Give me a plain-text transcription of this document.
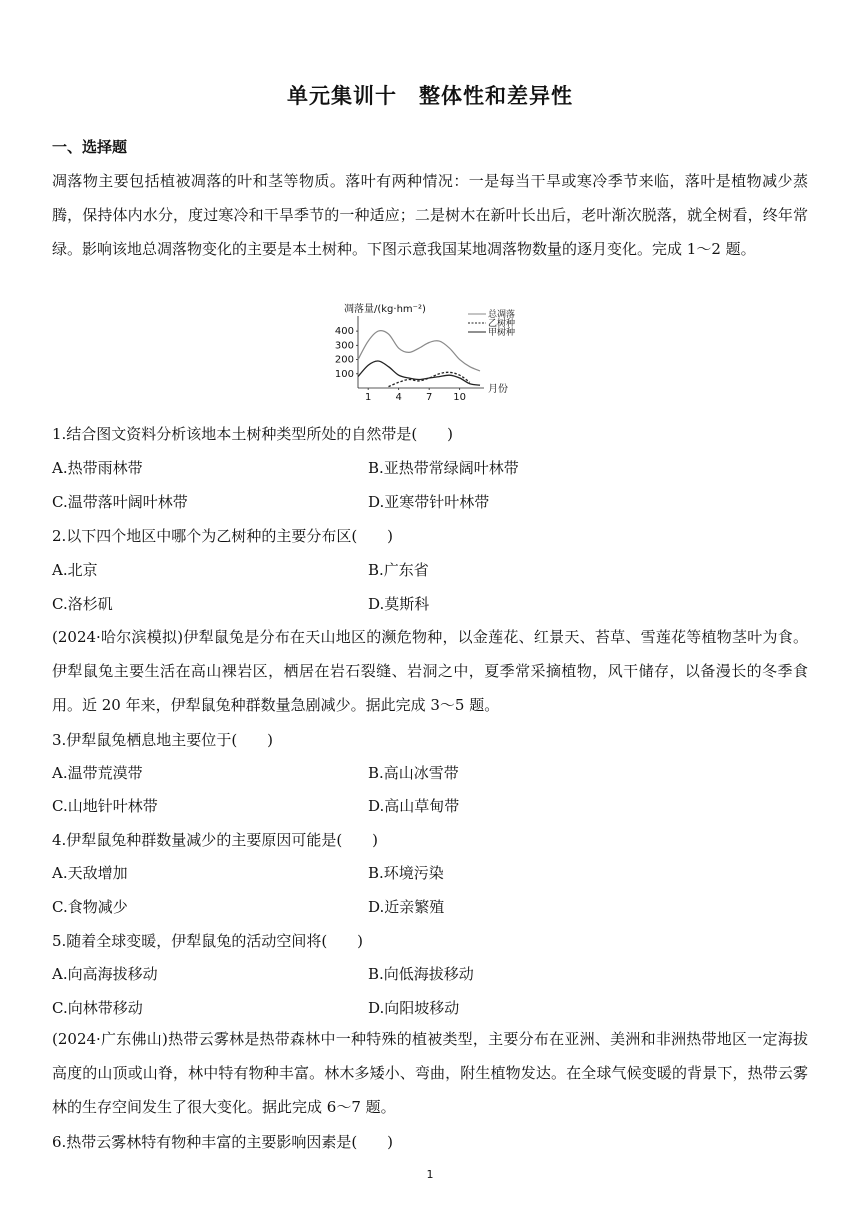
单元集训十　整体性和差异性
一、选择题

凋落物主要包括植被凋落的叶和茎等物质。落叶有两种情况：一是每当干旱或寒冷季节来临，落叶是植物减少蒸腾，保持体内水分，度过寒冷和干旱季节的一种适应；二是树木在新叶长出后，老叶渐次脱落，就全树看，终年常绿。影响该地总凋落物变化的主要是本土树种。下图示意我国某地凋落物数量的逐月变化。完成 1～2 题。

凋落量/(kg·hm⁻²)
月份
100
200
300
400
1 4 7 10
总凋落
乙树种
甲树种
1.结合图文资料分析该地本土树种类型所处的自然带是(　　)
A.热带雨林带	B.亚热带常绿阔叶林带
C.温带落叶阔叶林带	D.亚寒带针叶林带
2.以下四个地区中哪个为乙树种的主要分布区(　　)
A.北京	B.广东省
C.洛杉矶	D.莫斯科

(2024·哈尔滨模拟)伊犁鼠兔是分布在天山地区的濒危物种，以金莲花、红景天、苔草、雪莲花等植物茎叶为食。伊犁鼠兔主要生活在高山裸岩区，栖居在岩石裂缝、岩洞之中，夏季常采摘植物，风干储存，以备漫长的冬季食用。近 20 年来，伊犁鼠兔种群数量急剧减少。据此完成 3～5 题。

3.伊犁鼠兔栖息地主要位于(　　)
A.温带荒漠带	B.高山冰雪带
C.山地针叶林带	D.高山草甸带
4.伊犁鼠兔种群数量减少的主要原因可能是(　　)
A.天敌增加	B.环境污染
C.食物减少	D.近亲繁殖
5.随着全球变暖，伊犁鼠兔的活动空间将(　　)
A.向高海拔移动	B.向低海拔移动
C.向林带移动	D.向阳坡移动

(2024·广东佛山)热带云雾林是热带森林中一种特殊的植被类型，主要分布在亚洲、美洲和非洲热带地区一定海拔高度的山顶或山脊，林中特有物种丰富。林木多矮小、弯曲，附生植物发达。在全球气候变暖的背景下，热带云雾林的生存空间发生了很大变化。据此完成 6～7 题。

6.热带云雾林特有物种丰富的主要影响因素是(　　)
1
